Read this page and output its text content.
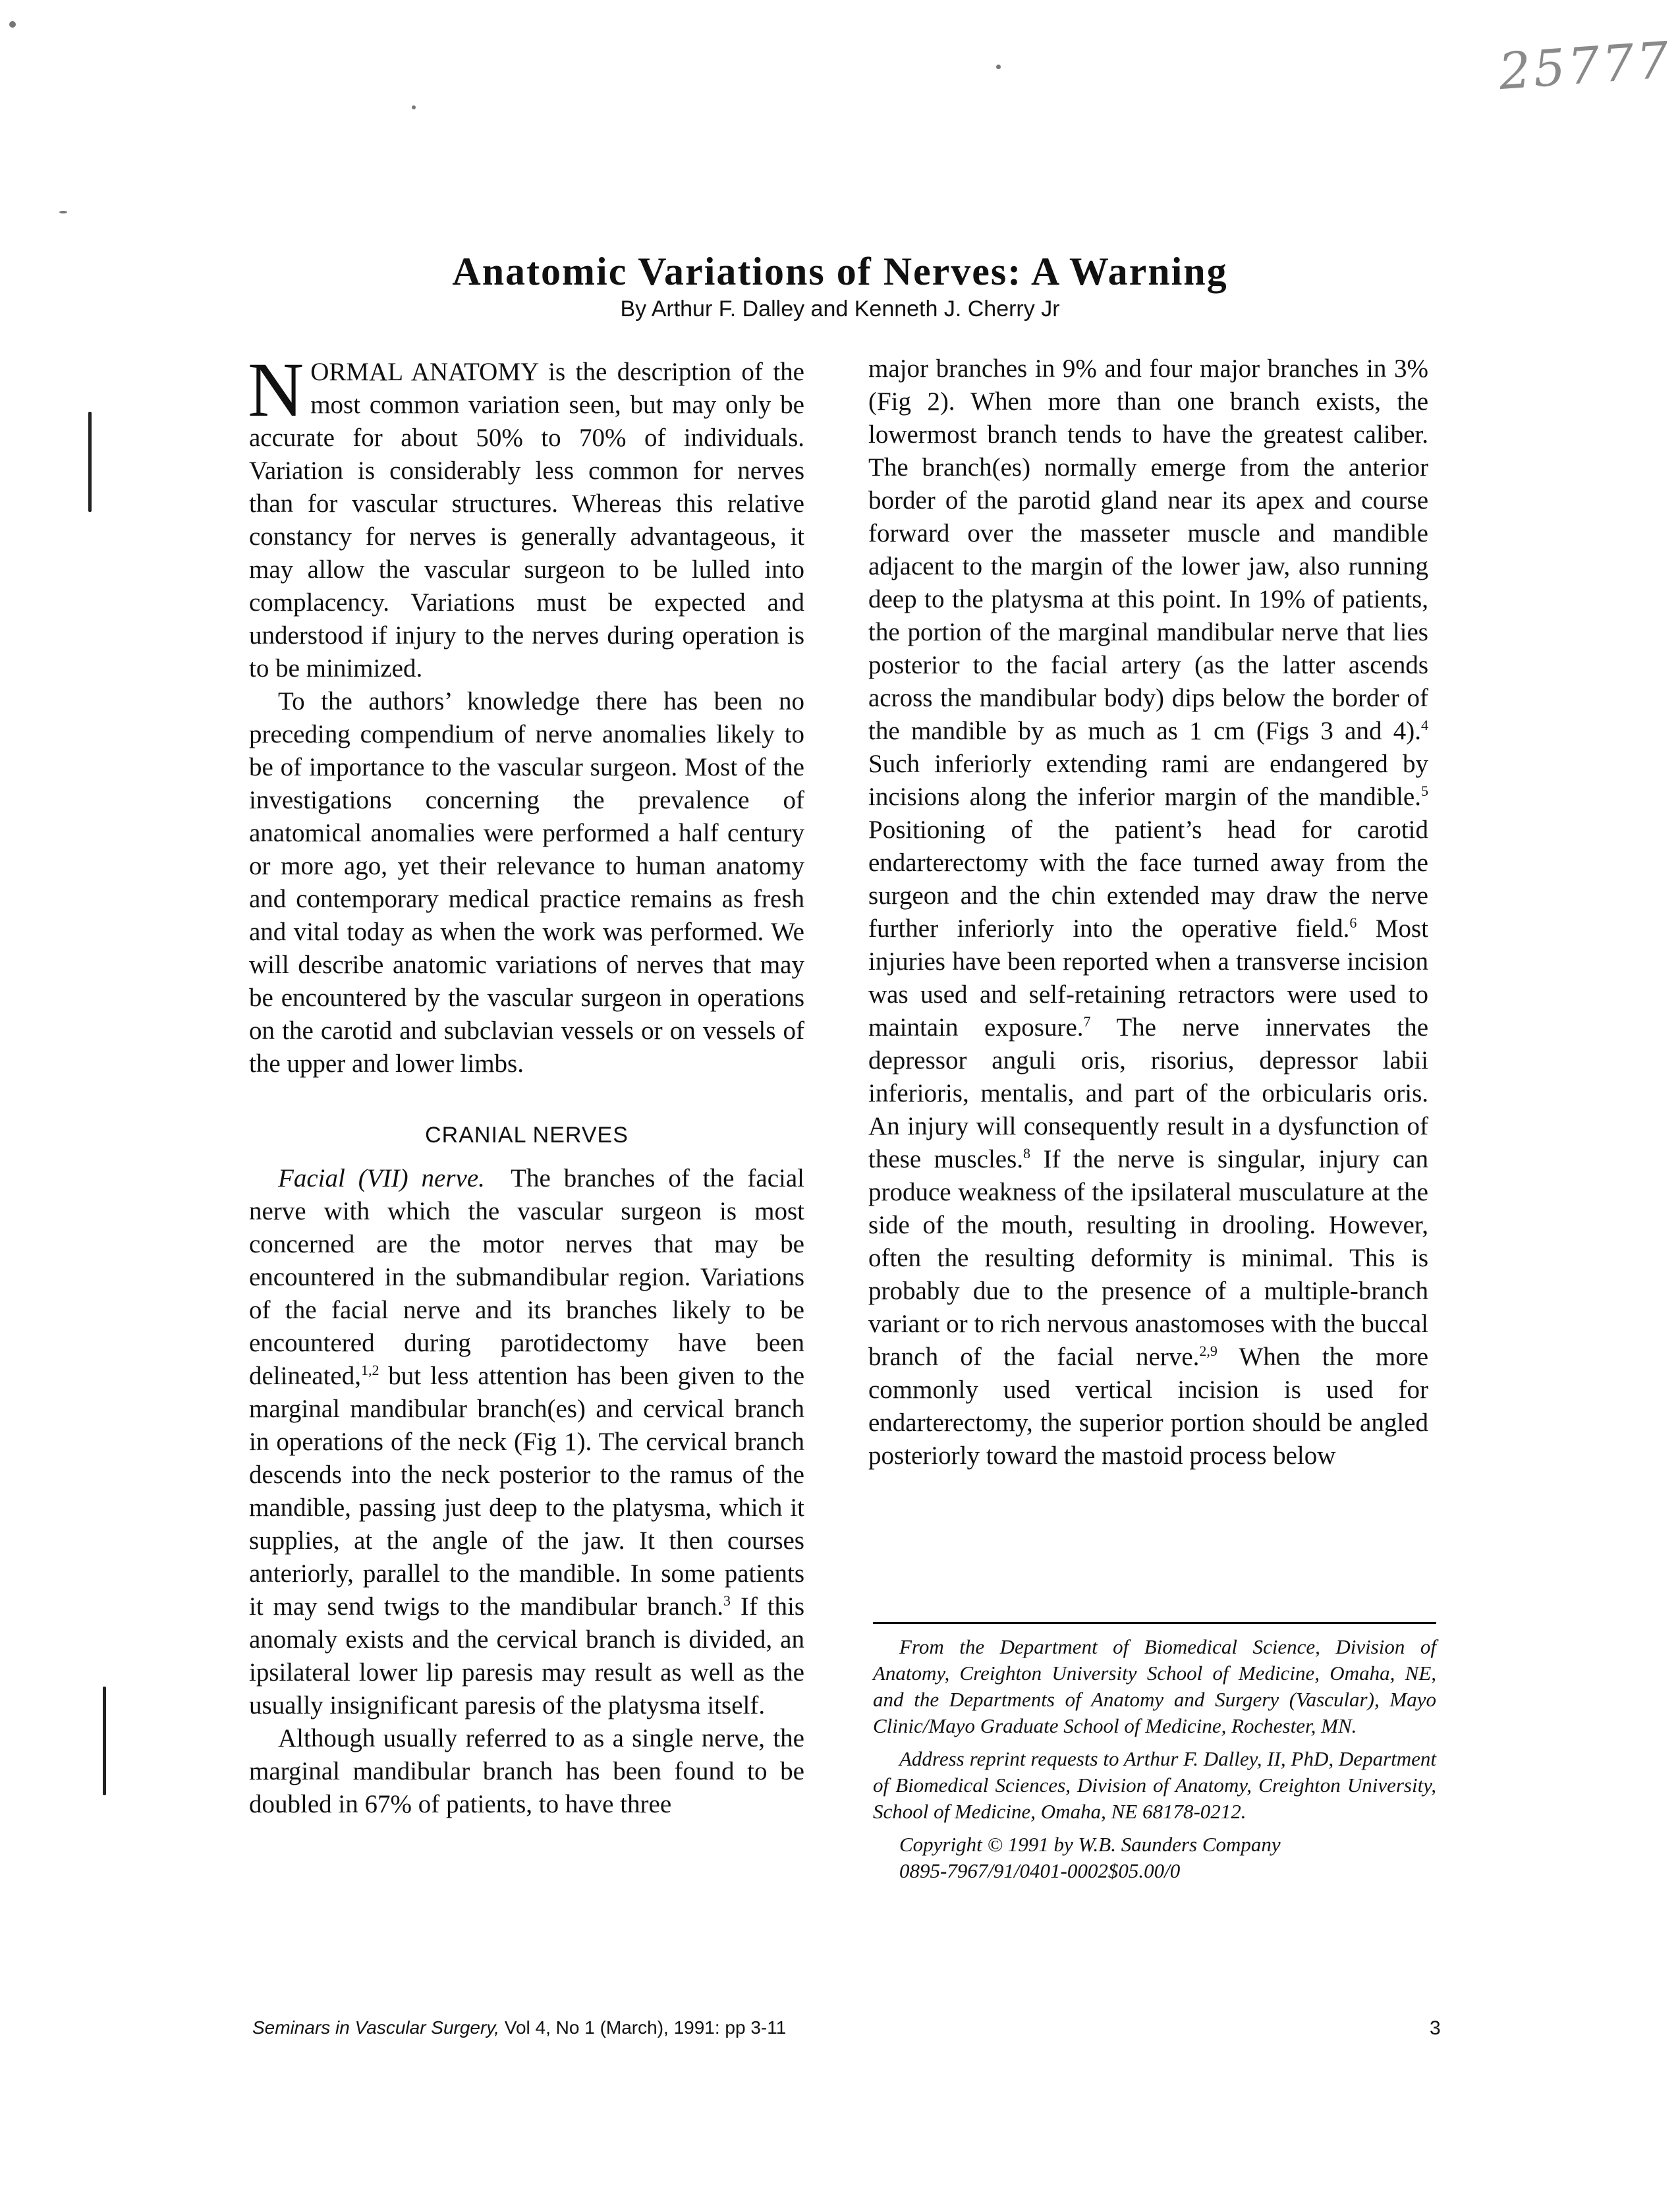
25777
Anatomic Variations of Nerves: A Warning
By Arthur F. Dalley and Kenneth J. Cherry Jr

NORMAL ANATOMY is the description of the most common variation seen, but may only be accurate for about 50% to 70% of individuals. Variation is considerably less common for nerves than for vascular structures. Whereas this relative constancy for nerves is generally advantageous, it may allow the vascular surgeon to be lulled into complacency. Variations must be expected and understood if injury to the nerves during operation is to be minimized.

To the authors’ knowledge there has been no preceding compendium of nerve anomalies likely to be of importance to the vascular surgeon. Most of the investigations concerning the prevalence of anatomical anomalies were performed a half century or more ago, yet their relevance to human anatomy and contemporary medical practice remains as fresh and vital today as when the work was performed. We will describe anatomic variations of nerves that may be encountered by the vascular surgeon in operations on the carotid and subclavian vessels or on vessels of the upper and lower limbs.

CRANIAL NERVES

Facial (VII) nerve. The branches of the facial nerve with which the vascular surgeon is most concerned are the motor nerves that may be encountered in the submandibular region. Variations of the facial nerve and its branches likely to be encountered during parotidectomy have been delineated,$^{1,2}$ but less attention has been given to the marginal mandibular branch(es) and cervical branch in operations of the neck (Fig 1). The cervical branch descends into the neck posterior to the ramus of the mandible, passing just deep to the platysma, which it supplies, at the angle of the jaw. It then courses anteriorly, parallel to the mandible. In some patients it may send twigs to the mandibular branch.$^3$ If this anomaly exists and the cervical branch is divided, an ipsilateral lower lip paresis may result as well as the usually insignificant paresis of the platysma itself.

Although usually referred to as a single nerve, the marginal mandibular branch has been found to be doubled in 67% of patients, to have three

major branches in 9% and four major branches in 3% (Fig 2). When more than one branch exists, the lowermost branch tends to have the greatest caliber. The branch(es) normally emerge from the anterior border of the parotid gland near its apex and course forward over the masseter muscle and mandible adjacent to the margin of the lower jaw, also running deep to the platysma at this point. In 19% of patients, the portion of the marginal mandibular nerve that lies posterior to the facial artery (as the latter ascends across the mandibular body) dips below the border of the mandible by as much as 1 cm (Figs 3 and 4).$^4$ Such inferiorly extending rami are endangered by incisions along the inferior margin of the mandible.$^5$ Positioning of the patient’s head for carotid endarterectomy with the face turned away from the surgeon and the chin extended may draw the nerve further inferiorly into the operative field.$^6$ Most injuries have been reported when a transverse incision was used and self-retaining retractors were used to maintain exposure.$^7$ The nerve innervates the depressor anguli oris, risorius, depressor labii inferioris, mentalis, and part of the orbicularis oris. An injury will consequently result in a dysfunction of these muscles.$^8$ If the nerve is singular, injury can produce weakness of the ipsilateral musculature at the side of the mouth, resulting in drooling. However, often the resulting deformity is minimal. This is probably due to the presence of a multiple-branch variant or to rich nervous anastomoses with the buccal branch of the facial nerve.$^{2,9}$ When the more commonly used vertical incision is used for endarterectomy, the superior portion should be angled posteriorly toward the mastoid process below

From the Department of Biomedical Science, Division of Anatomy, Creighton University School of Medicine, Omaha, NE, and the Departments of Anatomy and Surgery (Vascular), Mayo Clinic/Mayo Graduate School of Medicine, Rochester, MN.

Address reprint requests to Arthur F. Dalley, II, PhD, Department of Biomedical Sciences, Division of Anatomy, Creighton University, School of Medicine, Omaha, NE 68178-0212.

Copyright © 1991 by W.B. Saunders Company

0895-7967/91/0401-0002$05.00/0

Seminars in Vascular Surgery, Vol 4, No 1 (March), 1991: pp 3-11	3
